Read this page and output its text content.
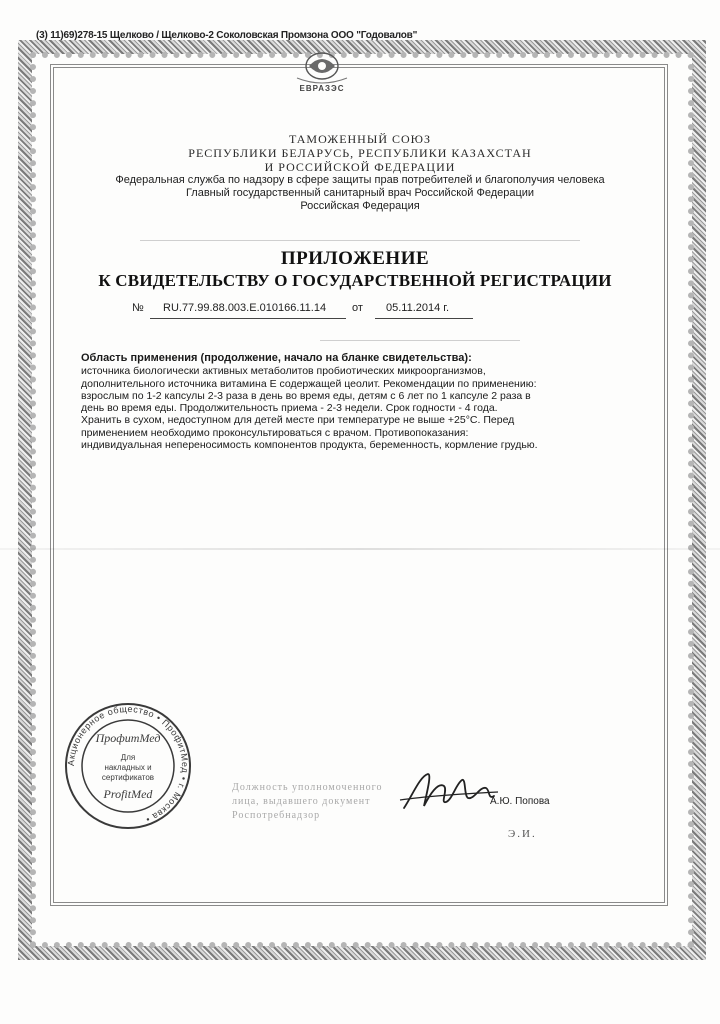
(3) 11)69)278-15 Щелково / Щелково-2 Соколовская Промзона ООО "Годовалов"
ЕВРАЗЭС
ТАМОЖЕННЫЙ СОЮЗ
РЕСПУБЛИКИ БЕЛАРУСЬ, РЕСПУБЛИКИ КАЗАХСТАН
И РОССИЙСКОЙ ФЕДЕРАЦИИ
Федеральная служба по надзору в сфере защиты прав потребителей и благополучия человека
Главный государственный санитарный врач Российской Федерации
Российская Федерация
ПРИЛОЖЕНИЕ
К СВИДЕТЕЛЬСТВУ О ГОСУДАРСТВЕННОЙ РЕГИСТРАЦИИ
№ RU.77.99.88.003.Е.010166.11.14 от 05.11.2014 г.
Область применения (продолжение, начало на бланке свидетельства):
источника биологически активных метаболитов пробиотических микроорганизмов, дополнительного источника витамина Е содержащей цеолит. Рекомендации по применению: взрослым по 1-2 капсулы 2-3 раза в день во время еды, детям с 6 лет по 1 капсуле 2 раза в день во время еды. Продолжительность приема - 2-3 недели. Срок годности - 4 года. Хранить в сухом, недоступном для детей месте при температуре не выше +25°C. Перед применением необходимо проконсультироваться с врачом. Противопоказания: индивидуальная непереносимость компонентов продукта, беременность, кормление грудью.
Акционерное общество • ПрофитМед • г. Москва •
ПрофитМед
Для
накладных и
сертификатов
ProfitMed	Должность уполномоченного
лица, выдавшего документ
Роспотребнадзор
А.Ю. Попова
Э.И.
